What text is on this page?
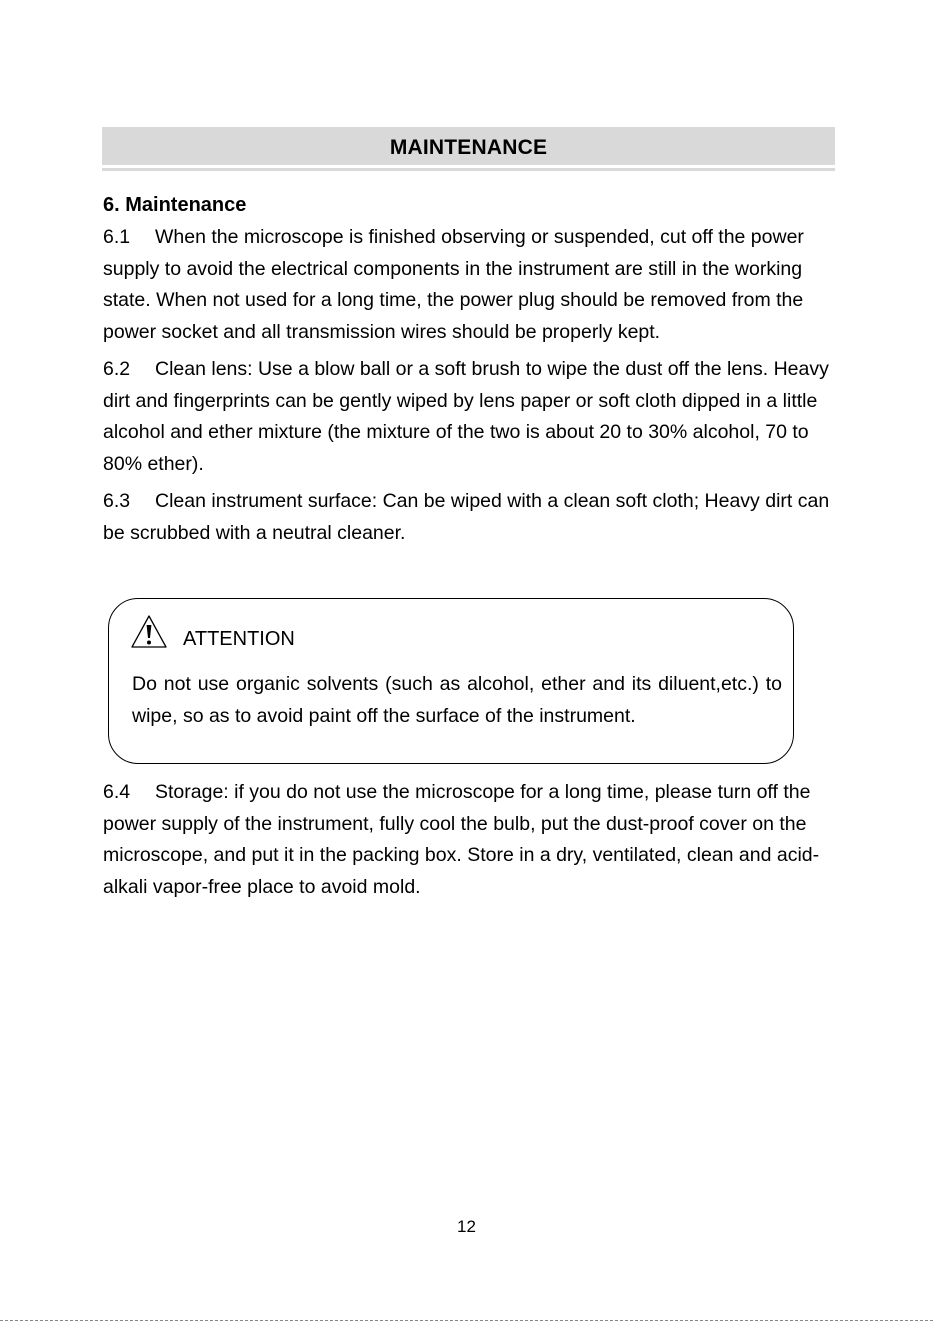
MAINTENANCE
6. Maintenance
6.1 When the microscope is finished observing or suspended, cut off the power supply to avoid the electrical components in the instrument are still in the working state. When not used for a long time, the power plug should be removed from the power socket and all transmission wires should be properly kept.
6.2 Clean lens: Use a blow ball or a soft brush to wipe the dust off the lens. Heavy dirt and fingerprints can be gently wiped by lens paper or soft cloth dipped in a little alcohol and ether mixture (the mixture of the two is about 20 to 30% alcohol, 70 to 80% ether).
6.3 Clean instrument surface: Can be wiped with a clean soft cloth; Heavy dirt can be scrubbed with a neutral cleaner.
ATTENTION
Do not use organic solvents (such as alcohol, ether and its diluent,etc.) to wipe, so as to avoid paint off the surface of the instrument.
6.4 Storage: if you do not use the microscope for a long time, please turn off the power supply of the instrument, fully cool the bulb, put the dust-proof cover on the microscope, and put it in the packing box. Store in a dry, ventilated, clean and acid-alkali vapor-free place to avoid mold.
12
